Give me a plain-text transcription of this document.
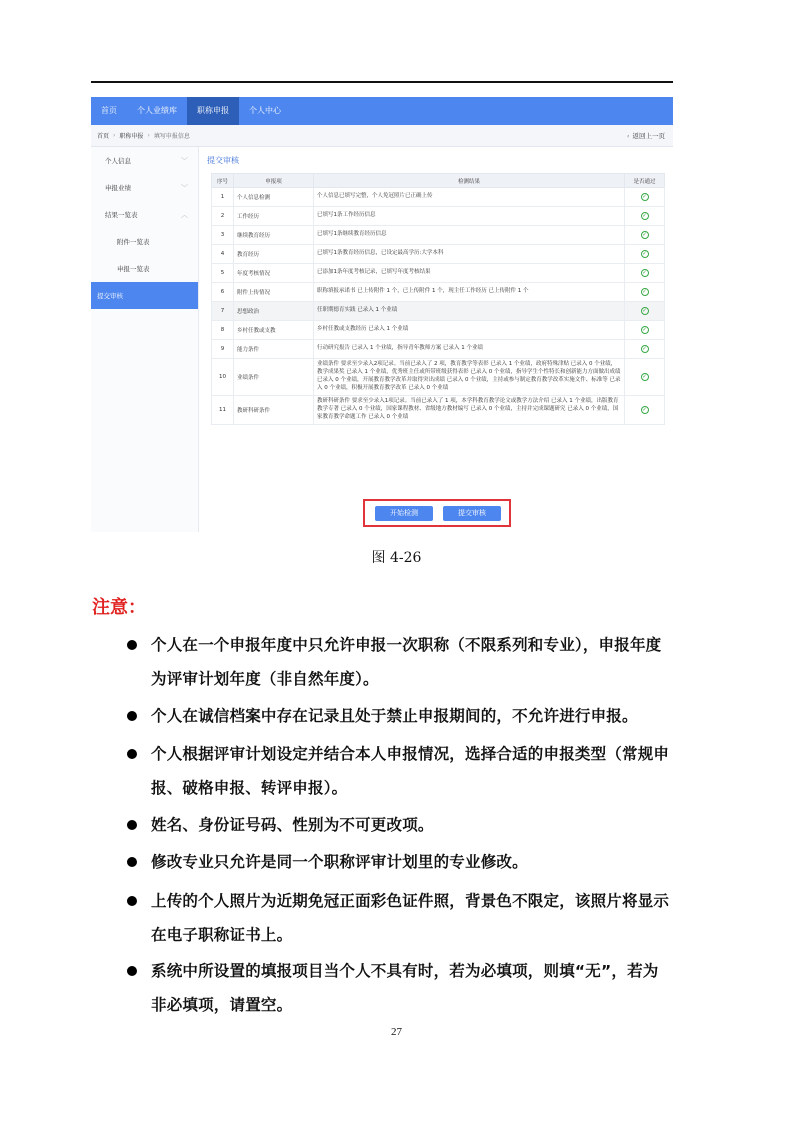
首页	个人业绩库	职称申报	个人中心
首页 › 职称申报 › 填写申报信息	‹ 返回上一页
个人信息	﹀
申报业绩	﹀
结果一览表	︿
附件一览表
申报一览表
提交审核
提交审核
序号	申报项	检测结果	是否通过
1	个人信息检测	个人信息已填写完整，个人免冠照片已正确上传	✓
2	工作经历	已填写1条工作经历信息	✓
3	继续教育经历	已填写1条继续教育经历信息	✓
4	教育经历	已填写1条教育经历信息，已设定最高学历:大学本科	✓
5	年度考核情况	已添加1条年度考核记录，已填写年度考核结果	✓
6	附件上传情况	职称填报承诺书 已上传附件 1 个，已上传附件 1 个，现主任工作经历 已上传附件 1 个	✓
7	思想政治	任职期德育实践 已录入 1 个业绩	✓
8	乡村任教或支教	乡村任教或支教经历 已录入 1 个业绩	✓
9	能力条件	行动研究报告 已录入 1 个业绩，指导青年教师方案 已录入 1 个业绩	✓
10	业绩条件	业绩条件 要求至少录入2项记录。当前已录入了 2 项，教育教学等表彰 已录入 1 个业绩，政府特殊津贴 已录入 0 个业绩，教学成果奖 已录入 1 个业绩，优秀班主任或所带班级获得表彰 已录入 0 个业绩，指导学生个性特长和创新能力方面做出成绩 已录入 0 个业绩，开展教育教学改革并取得突出成绩 已录入 0 个业绩，主持或参与制定教育教学改革实施文件、标准等 已录入 0 个业绩，积极开展教育教学改革 已录入 0 个业绩	✓
11	教研科研条件	教研科研条件 要求至少录入1项记录。当前已录入了 1 项，本学科教育教学论文或教学方法介绍 已录入 1 个业绩，出版教育教学专著 已录入 0 个业绩，国家课程教材、省级地方教材编写 已录入 0 个业绩，主持并完成课题研究 已录入 0 个业绩，国家教育教学命题工作 已录入 0 个业绩	✓
开始检测	提交审核
图 4-26
注意：
个人在一个申报年度中只允许申报一次职称（不限系列和专业），申报年度为评审计划年度（非自然年度）。
个人在诚信档案中存在记录且处于禁止申报期间的，不允许进行申报。
个人根据评审计划设定并结合本人申报情况，选择合适的申报类型（常规申报、破格申报、转评申报）。
姓名、身份证号码、性别为不可更改项。
修改专业只允许是同一个职称评审计划里的专业修改。
上传的个人照片为近期免冠正面彩色证件照，背景色不限定，该照片将显示在电子职称证书上。
系统中所设置的填报项目当个人不具有时，若为必填项，则填“无”，若为非必填项，请置空。
27
